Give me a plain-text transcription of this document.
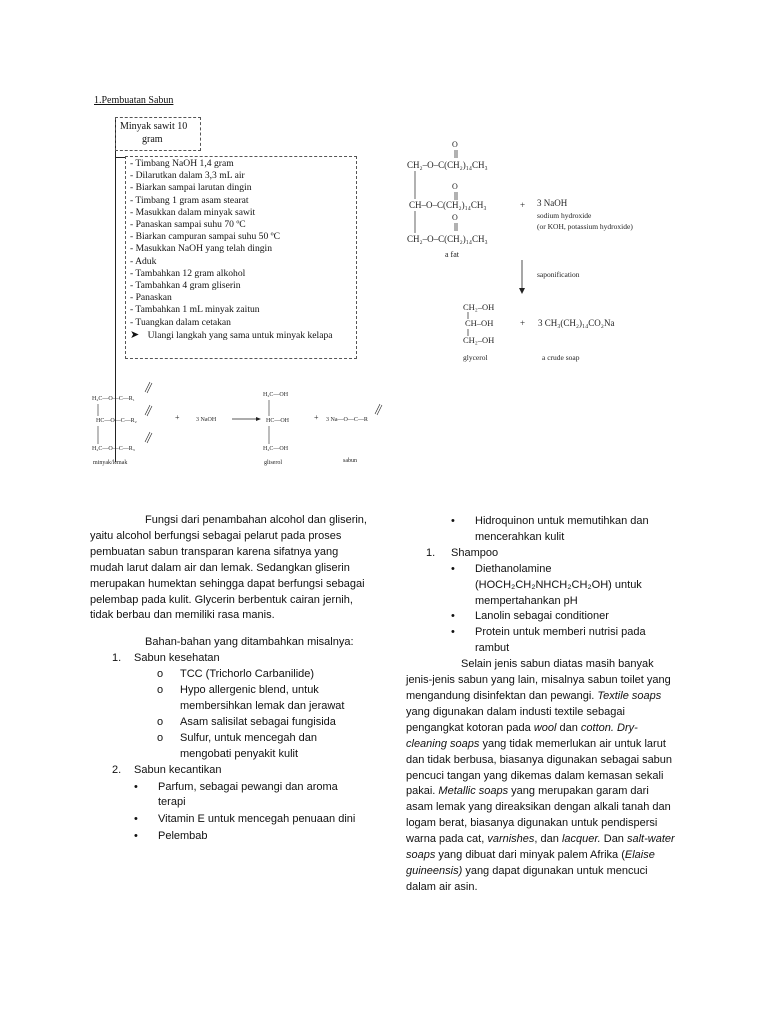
1.Pembuatan Sabun
Minyak sawit 10
gram
- Timbang NaOH 1,4 gram
- Dilarutkan dalam 3,3 mL air
- Biarkan sampai larutan dingin
- Timbang 1 gram asam stearat
- Masukkan dalam minyak sawit
- Panaskan sampai suhu 70 ºC
- Biarkan campuran sampai suhu 50 ºC
- Masukkan NaOH yang telah dingin
- Aduk
- Tambahkan 12 gram alkohol
- Tambahkan 4 gram gliserin
- Panaskan
- Tambahkan 1 mL minyak zaitun
- Tuangkan dalam cetakan
➤ Ulangi langkah yang sama untuk minyak kelapa
H₂C—O—C—R₁
HC—O—C—R₂
H₂C—O—C—R₃
minyak/lemak
+	3 NaOH
H₂C—OH
HC—OH
H₂C—OH
gliserol
+ 3 Na—O—C—R
sabun
O
CH₂–O–C(CH₂)₁₄CH₃
O
CH–O–C(CH₂)₁₄CH₃
O
CH₂–O–C(CH₂)₁₄CH₃
a fat
+ 3 NaOH
sodium hydroxide
(or KOH, potassium hydroxide)
saponification
CH₂–OH
CH–OH
CH₂–OH
+ 3 CH₃(CH₂)₁₄CO₂Na
glycerol	a crude soap

Fungsi dari penambahan alcohol dan gliserin, yaitu alcohol berfungsi sebagai pelarut pada proses pembuatan sabun transparan karena sifatnya yang mudah larut dalam air dan lemak. Sedangkan gliserin merupakan humektan sehingga dapat berfungsi sebagai pelembap pada kulit. Glycerin berbentuk cairan jernih, tidak berbau dan memiliki rasa manis.

Bahan-bahan yang ditambahkan misalnya:

1. Sabun kesehatan
o TCC (Trichorlo Carbanilide)
o Hypo allergenic blend, untuk membersihkan lemak dan jerawat
o Asam salisilat sebagai fungisida
o Sulfur, untuk mencegah dan mengobati penyakit kulit
2. Sabun kecantikan
• Parfum, sebagai pewangi dan aroma terapi
• Vitamin E untuk mencegah penuaan dini
• Pelembab
• Hidroquinon untuk memutihkan dan mencerahkan kulit
1. Shampoo
• Diethanolamine
(HOCH₂CH₂NHCH₂CH₂OH) untuk
mempertahankan pH
• Lanolin sebagai conditioner
• Protein untuk memberi nutrisi pada rambut

Selain jenis sabun diatas masih banyak jenis-jenis sabun yang lain, misalnya sabun toilet yang mengandung disinfektan dan pewangi. Textile soaps yang digunakan dalam industi textile sebagai pengangkat kotoran pada wool dan cotton. Dry-cleaning soaps yang tidak memerlukan air untuk larut dan tidak berbusa, biasanya digunakan sebagai sabun pencuci tangan yang dikemas dalam kemasan sekali pakai. Metallic soaps yang merupakan garam dari asam lemak yang direaksikan dengan alkali tanah dan logam berat, biasanya digunakan untuk pendispersi warna pada cat, varnishes, dan lacquer. Dan salt-water soaps yang dibuat dari minyak palem Afrika (Elaise guineensis) yang dapat digunakan untuk mencuci dalam air asin.
